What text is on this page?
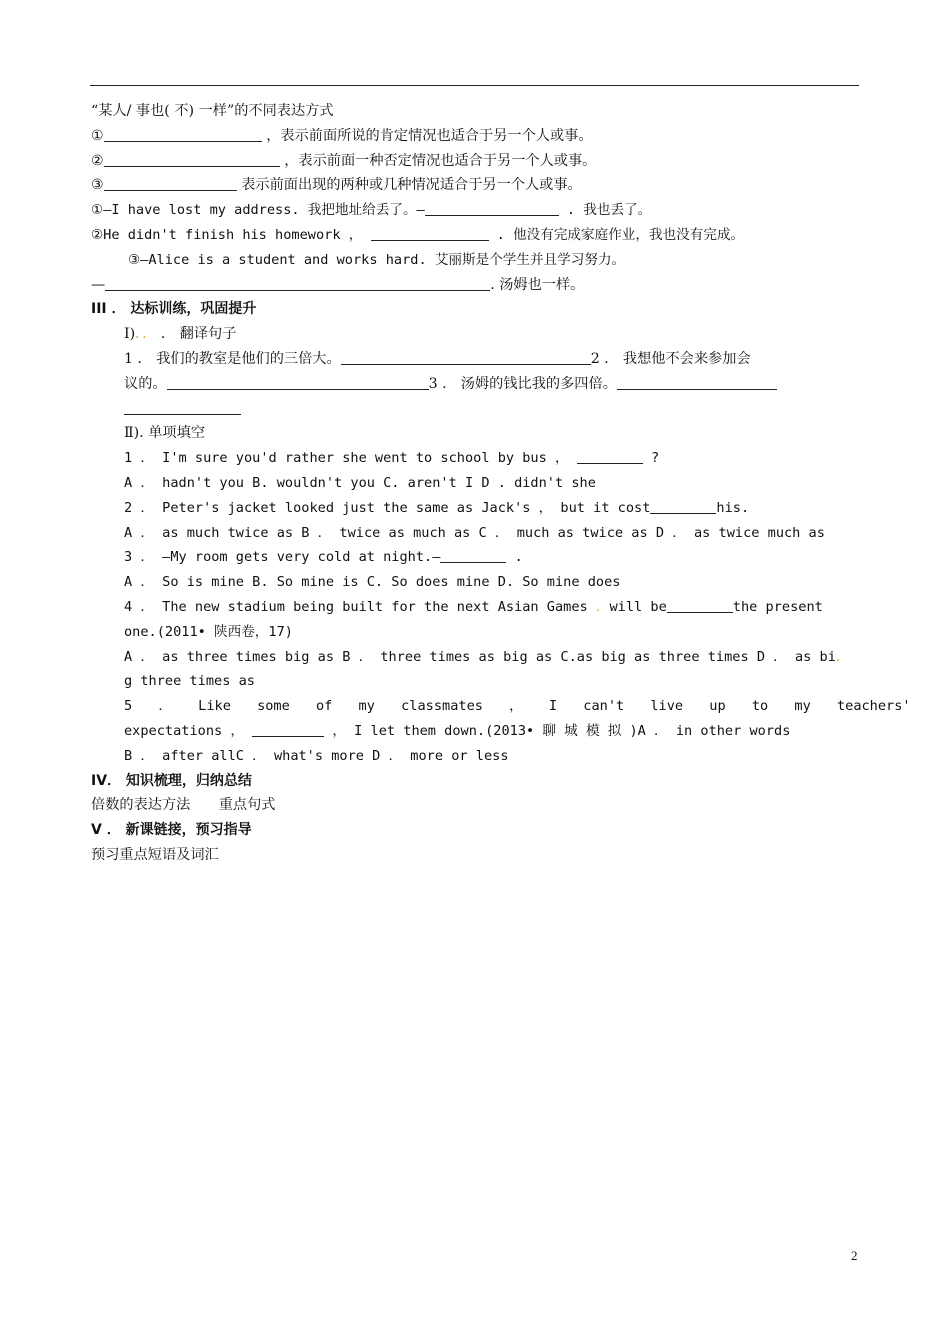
“某人/ 事也( 不) 一样”的不同表达方式
①	，表示前面所说的肯定情况也适合于另一个人或事。
②	，表示前面一种否定情况也适合于另一个人或事。
③	表示前面出现的两种或几种情况适合于另一个人或事。
①—I have lost my address. 我把地址给丢了。—	. 我也丢了。
②He didn't finish his homework ，	. 他没有完成家庭作业，我也没有完成。
③—Alice is a student and works hard. 艾丽斯是个学生并且学习努力。
—	. 汤姆也一样。
III ． 达标训练，巩固提升
Ⅰ)．． ． 翻译句子
1 ． 我们的教室是他们的三倍大。	2 ． 我想他不会来参加会
议的。	3 ． 汤姆的钱比我的多四倍。
Ⅱ). 单项填空
1 ． I'm sure you'd rather she went to school by bus ，	?
A ． hadn't you B. wouldn't you C. aren't I D . didn't she
2 ． Peter's jacket looked just the same as Jack's ， but it cost	his.
A ． as much twice as B ． twice as much as C ． much as twice as D ． as twice much as
3 ． —My room gets very cold at night.—	.
A ． So is mine B. So mine is C. So does mine D. So mine does
4 ． The new stadium being built for the next Asian Games ．will be	the present
one.(2011• 陕西卷，17)
A ． as three times big as B ． three times as big as C.as big as three times D ． as bi．
g three times as
5 ． Like some of my classmates ， I can't live up to my teachers'
expectations ，	， I let them down.(2013• 聊 城 模 拟 )A ． in other words
B ． after allC ． what's more D ． more or less
IV． 知识梳理，归纳总结
倍数的表达方法　　重点句式
V ． 新课链接，预习指导
预习重点短语及词汇
2
